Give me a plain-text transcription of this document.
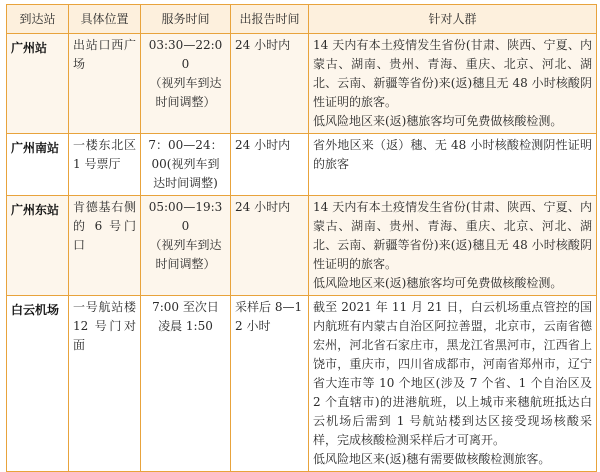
到达站	具体位置	服务时间	出报告时间	针对人群
广州站	出站口西广场	03:30—22:00
（视列车到达
时间调整）	24 小时内	14 天内有本土疫情发生省份(甘肃、陕西、宁夏、内蒙古、湖南、贵州、青海、重庆、北京、河北、湖北、云南、新疆等省份)来(返)穗且无 48 小时核酸阴性证明的旅客。
低风险地区来(返)穗旅客均可免费做核酸检测。

广州南站	一楼东北区 1 号票厅	7：00—24：
00(视列车到
达时间调整)	24 小时内	省外地区来（返）穗、无 48 小时核酸检测阴性证明的旅客

广州东站	肯德基右侧的 6 号门口	05:00—19:30
（视列车到达
时间调整）	24 小时内	14 天内有本土疫情发生省份(甘肃、陕西、宁夏、内蒙古、湖南、贵州、青海、重庆、北京、河北、湖北、云南、新疆等省份)来(返)穗且无 48 小时核酸阴性证明的旅客。
低风险地区来(返)穗旅客均可免费做核酸检测。

白云机场	一号航站楼 12 号门对面	7:00 至次日
凌晨 1:50	采样后 8—12 小时	截至 2021 年 11 月 21 日，白云机场重点管控的国内航班有内蒙古自治区阿拉善盟，北京市，云南省德宏州，河北省石家庄市，黑龙江省黑河市，江西省上饶市，重庆市，四川省成都市，河南省郑州市，辽宁省大连市等 10 个地区(涉及 7 个省、1 个自治区及 2 个直辖市)的进港航班，以上城市来穗航班抵达白云机场后需到 1 号航站楼到达区接受现场核酸采样，完成核酸检测采样后才可离开。
低风险地区来(返)穗有需要做核酸检测旅客。
